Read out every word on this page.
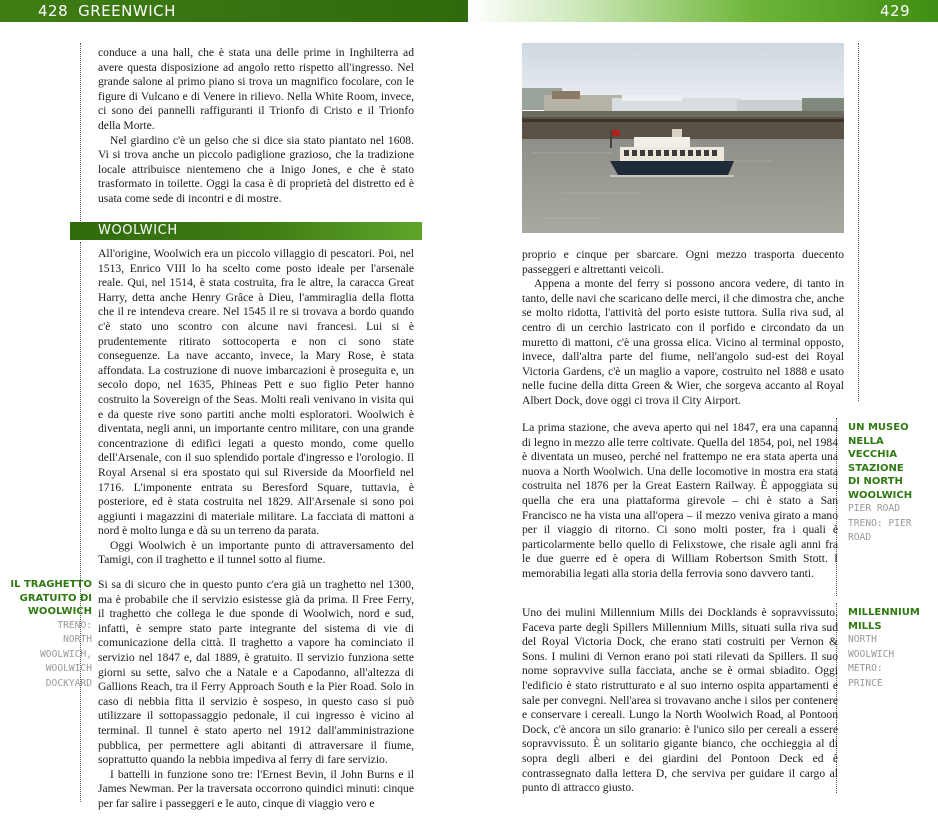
428 GREENWICH	429

conduce a una hall, che è stata una delle prime in Inghilterra ad avere questa disposizione ad angolo retto rispetto all'ingresso. Nel grande salone al primo piano si trova un magnifico focolare, con le figure di Vulcano e di Venere in rilievo. Nella White Room, invece, ci sono dei pannelli raffiguranti il Trionfo di Cristo e il Trionfo della Morte.

Nel giardino c'è un gelso che si dice sia stato piantato nel 1608. Vi si trova anche un piccolo padiglione grazioso, che la tradizione locale attribuisce nientemeno che a Inigo Jones, e che è stato trasformato in toilette. Oggi la casa è di proprietà del distretto ed è usata come sede di incontri e di mostre.

WOOLWICH

All'origine, Woolwich era un piccolo villaggio di pescatori. Poi, nel 1513, Enrico VIII lo ha scelto come posto ideale per l'arsenale reale. Qui, nel 1514, è stata costruita, fra le altre, la caracca Great Harry, detta anche Henry Grâce à Dieu, l'ammiraglia della flotta che il re intendeva creare. Nel 1545 il re si trovava a bordo quando c'è stato uno scontro con alcune navi francesi. Lui si è prudentemente ritirato sottocoperta e non ci sono state conseguenze. La nave accanto, invece, la Mary Rose, è stata affondata. La costruzione di nuove imbarcazioni è proseguita e, un secolo dopo, nel 1635, Phineas Pett e suo figlio Peter hanno costruito la Sovereign of the Seas. Molti reali venivano in visita qui e da queste rive sono partiti anche molti esploratori. Woolwich è diventata, negli anni, un importante centro militare, con una grande concentrazione di edifici legati a questo mondo, come quello dell'Arsenale, con il suo splendido portale d'ingresso e l'orologio. Il Royal Arsenal si era spostato qui sul Riverside da Moorfield nel 1716. L'imponente entrata su Beresford Square, tuttavia, è posteriore, ed è stata costruita nel 1829. All'Arsenale si sono poi aggiunti i magazzini di materiale militare. La facciata di mattoni a nord è molto lunga e dà su un terreno da parata.

Oggi Woolwich è un importante punto di attraversamento del Tamigi, con il traghetto e il tunnel sotto al fiume.

IL TRAGHETTO
GRATUITO DI
WOOLWICH
TRENO:
NORTH
WOOLWICH,
WOOLWICH
DOCKYARD

Si sa di sicuro che in questo punto c'era già un traghetto nel 1300, ma è probabile che il servizio esistesse già da prima. Il Free Ferry, il traghetto che collega le due sponde di Woolwich, nord e sud, infatti, è sempre stato parte integrante del sistema di vie di comunicazione della città. Il traghetto a vapore ha cominciato il servizio nel 1847 e, dal 1889, è gratuito. Il servizio funziona sette giorni su sette, salvo che a Natale e a Capodanno, all'altezza di Gallions Reach, tra il Ferry Approach South e la Pier Road. Solo in caso di nebbia fitta il servizio è sospeso, in questo caso si può utilizzare il sottopassaggio pedonale, il cui ingresso è vicino al terminal. Il tunnel è stato aperto nel 1912 dall'amministrazione pubblica, per permettere agli abitanti di attraversare il fiume, soprattutto quando la nebbia impediva al ferry di fare servizio.

I battelli in funzione sono tre: l'Ernest Bevin, il John Burns e il James Newman. Per la traversata occorrono quindici minuti: cinque per far salire i passeggeri e le auto, cinque di viaggio vero e

proprio e cinque per sbarcare. Ogni mezzo trasporta duecento passeggeri e altrettanti veicoli.

Appena a monte del ferry si possono ancora vedere, di tanto in tanto, delle navi che scaricano delle merci, il che dimostra che, anche se molto ridotta, l'attività del porto esiste tuttora. Sulla riva sud, al centro di un cerchio lastricato con il porfido e circondato da un muretto di mattoni, c'è una grossa elica. Vicino al terminal opposto, invece, dall'altra parte del fiume, nell'angolo sud-est dei Royal Victoria Gardens, c'è un maglio a vapore, costruito nel 1888 e usato nelle fucine della ditta Green & Wier, che sorgeva accanto al Royal Albert Dock, dove oggi ci trova il City Airport.

La prima stazione, che aveva aperto qui nel 1847, era una capanna di legno in mezzo alle terre coltivate. Quella del 1854, poi, nel 1984 è diventata un museo, perché nel frattempo ne era stata aperta una nuova a North Woolwich. Una delle locomotive in mostra era stata costruita nel 1876 per la Great Eastern Railway. È appoggiata su quella che era una piattaforma girevole – chi è stato a San Francisco ne ha vista una all'opera – il mezzo veniva girato a mano per il viaggio di ritorno. Ci sono molti poster, fra i quali è particolarmente bello quello di Felixstowe, che risale agli anni fra le due guerre ed è opera di William Robertson Smith Stott. I memorabilia legati alla storia della ferrovia sono davvero tanti.

UN MUSEO
NELLA VECCHIA
STAZIONE
DI NORTH
WOOLWICH
PIER ROAD
TRENO: PIER
ROAD

Uno dei mulini Millennium Mills dei Docklands è sopravvissuto. Faceva parte degli Spillers Millennium Mills, situati sulla riva sud del Royal Victoria Dock, che erano stati costruiti per Vernon & Sons. I mulini di Vernon erano poi stati rilevati da Spillers. Il suo nome sopravvive sulla facciata, anche se è ormai sbiadito. Oggi l'edificio è stato ristrutturato e al suo interno ospita appartamenti e sale per convegni. Nell'area si trovavano anche i silos per contenere e conservare i cereali. Lungo la North Woolwich Road, al Pontoon Dock, c'è ancora un silo granario: è l'unico silo per cereali a essere sopravvissuto. È un solitario gigante bianco, che occhieggia al di sopra degli alberi e dei giardini del Pontoon Deck ed è contrassegnato dalla lettera D, che serviva per guidare il cargo al punto di attracco giusto.

MILLENNIUM
MILLS
NORTH
WOOLWICH
METRO:
PRINCE
